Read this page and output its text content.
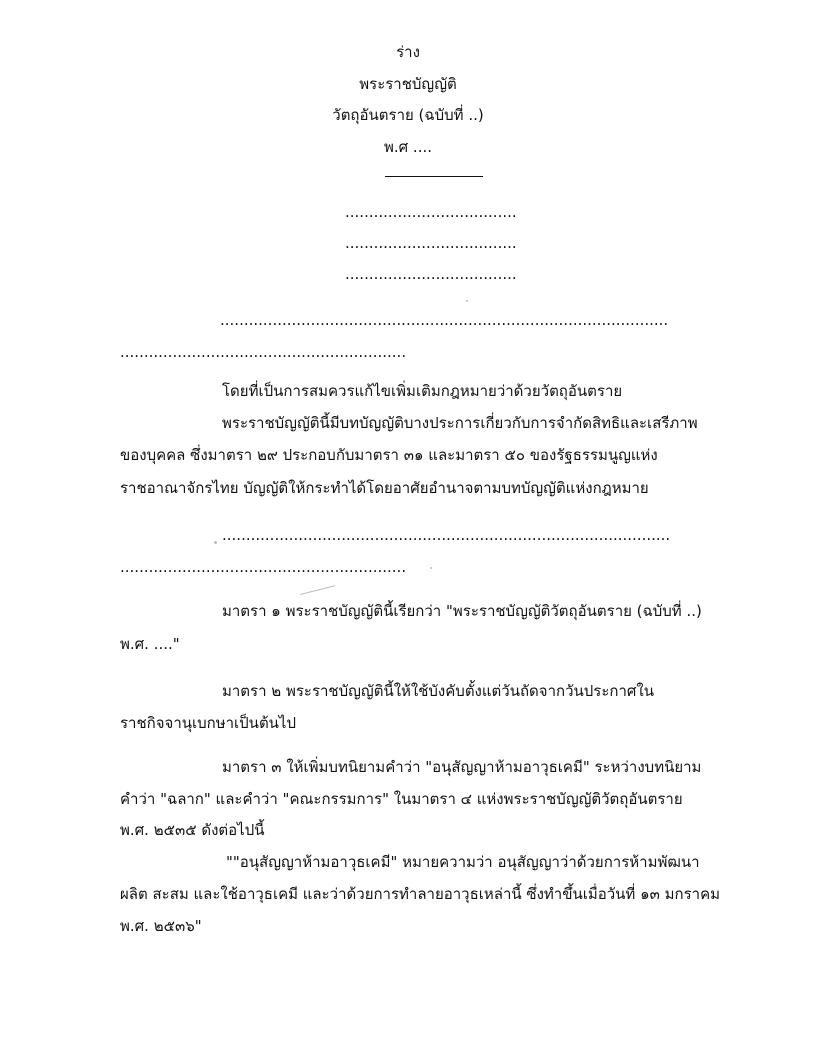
ร่าง
พระราชบัญญัติ
วัตถุอันตราย (ฉบับที่ ..)
พ.ศ ....
....................................
....................................
....................................
..............................................................................................
............................................................
โดยที่เป็นการสมควรแก้ไขเพิ่มเติมกฎหมายว่าด้วยวัตถุอันตราย
พระราชบัญญัตินี้มีบทบัญญัติบางประการเกี่ยวกับการจำกัดสิทธิและเสรีภาพ
ของบุคคล ซึ่งมาตรา ๒๙ ประกอบกับมาตรา ๓๑ และมาตรา ๕๐ ของรัฐธรรมนูญแห่ง
ราชอาณาจักรไทย บัญญัติให้กระทำได้โดยอาศัยอำนาจตามบทบัญญัติแห่งกฎหมาย
..............................................................................................
............................................................
มาตรา ๑ พระราชบัญญัตินี้เรียกว่า "พระราชบัญญัติวัตถุอันตราย (ฉบับที่ ..)
พ.ศ. ...."
มาตรา ๒ พระราชบัญญัตินี้ให้ใช้บังคับตั้งแต่วันถัดจากวันประกาศใน
ราชกิจจานุเบกษาเป็นต้นไป
มาตรา ๓ ให้เพิ่มบทนิยามคำว่า "อนุสัญญาห้ามอาวุธเคมี" ระหว่างบทนิยาม
คำว่า "ฉลาก" และคำว่า "คณะกรรมการ" ในมาตรา ๔ แห่งพระราชบัญญัติวัตถุอันตราย
พ.ศ. ๒๕๓๕ ดังต่อไปนี้
""อนุสัญญาห้ามอาวุธเคมี" หมายความว่า อนุสัญญาว่าด้วยการห้ามพัฒนา
ผลิต สะสม และใช้อาวุธเคมี และว่าด้วยการทำลายอาวุธเหล่านี้ ซึ่งทำขึ้นเมื่อวันที่ ๑๓ มกราคม
พ.ศ. ๒๕๓๖"
